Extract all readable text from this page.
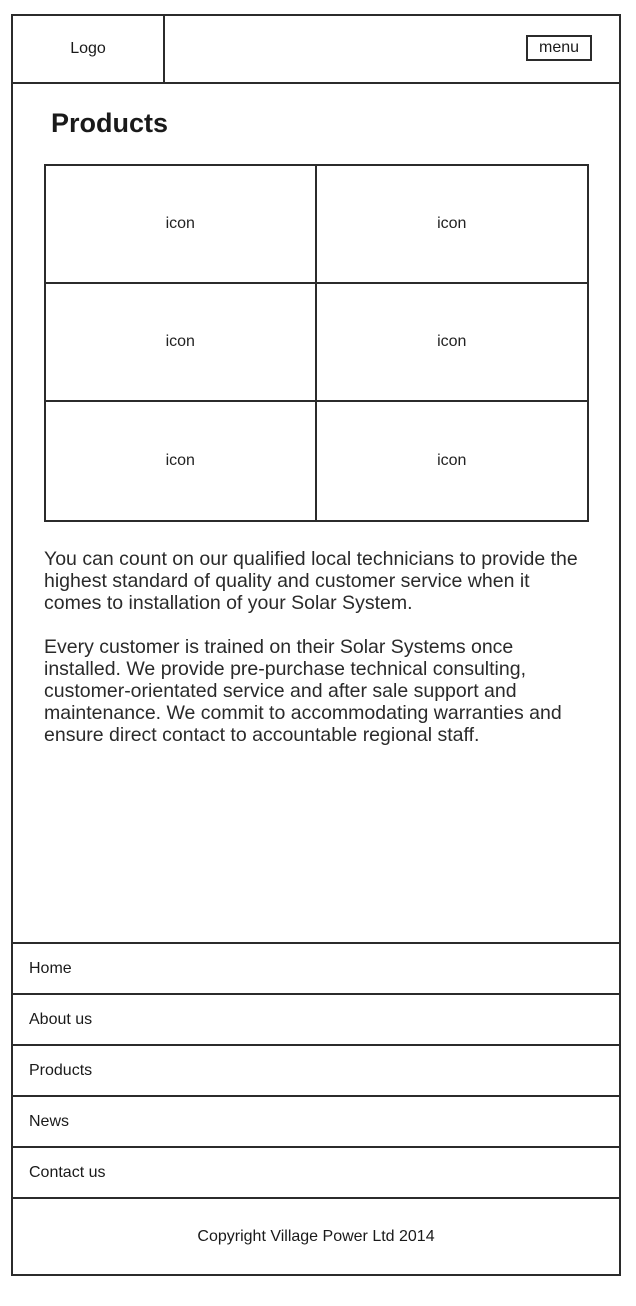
Logo	menu
Products
icon	icon
icon	icon
icon	icon

You can count on our qualified local technicians to provide the highest standard of quality and customer service when it comes to installation of your Solar System.

Every customer is trained on their Solar Systems once installed. We provide pre-purchase technical consulting, customer-orientated service and after sale support and maintenance. We commit to accommodating warranties and ensure direct contact to accountable regional staff.

Home
About us
Products
News
Contact us
Copyright Village Power Ltd 2014
